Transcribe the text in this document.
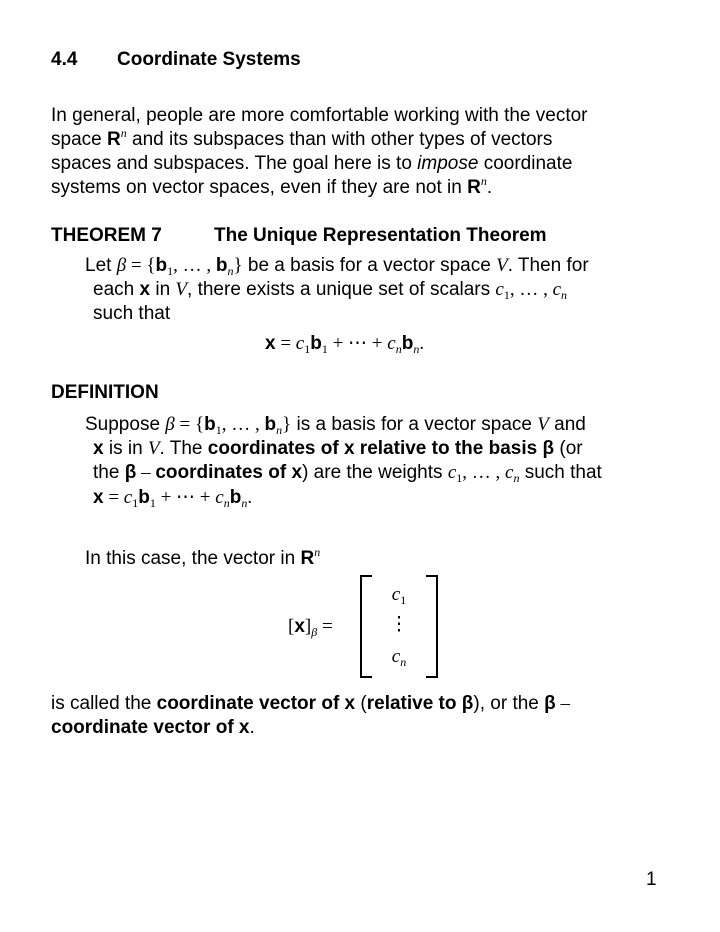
4.4 Coordinate Systems
In general, people are more comfortable working with the vector
space $R^n$ and its subspaces than with other types of vectors
spaces and subspaces. The goal here is to impose coordinate
systems on vector spaces, even if they are not in $R^n$.
THEOREM 7	The Unique Representation Theorem
Let $\beta = \{b_1$, … , $b_n$} be a basis for a vector space V. Then for
each x in V, there exists a unique set of scalars $c_1$, … , $c_n$
such that
$x = c_1b_1$ + ⋯ + $c_nb_n$.
DEFINITION
Suppose $\beta = \{b_1$, … , $b_n$} is a basis for a vector space V and
x is in V. The coordinates of x relative to the basis β (or
the β – coordinates of x) are the weights $c_1$, … , $c_n$ such that
$x = c_1b_1$ + ⋯ + $c_nb_n$.
In this case, the vector in $R^n$
$[x]_\beta$ =
$c_1$
⋮
$c_n$
is called the coordinate vector of x (relative to β), or the β –
coordinate vector of x.
1
